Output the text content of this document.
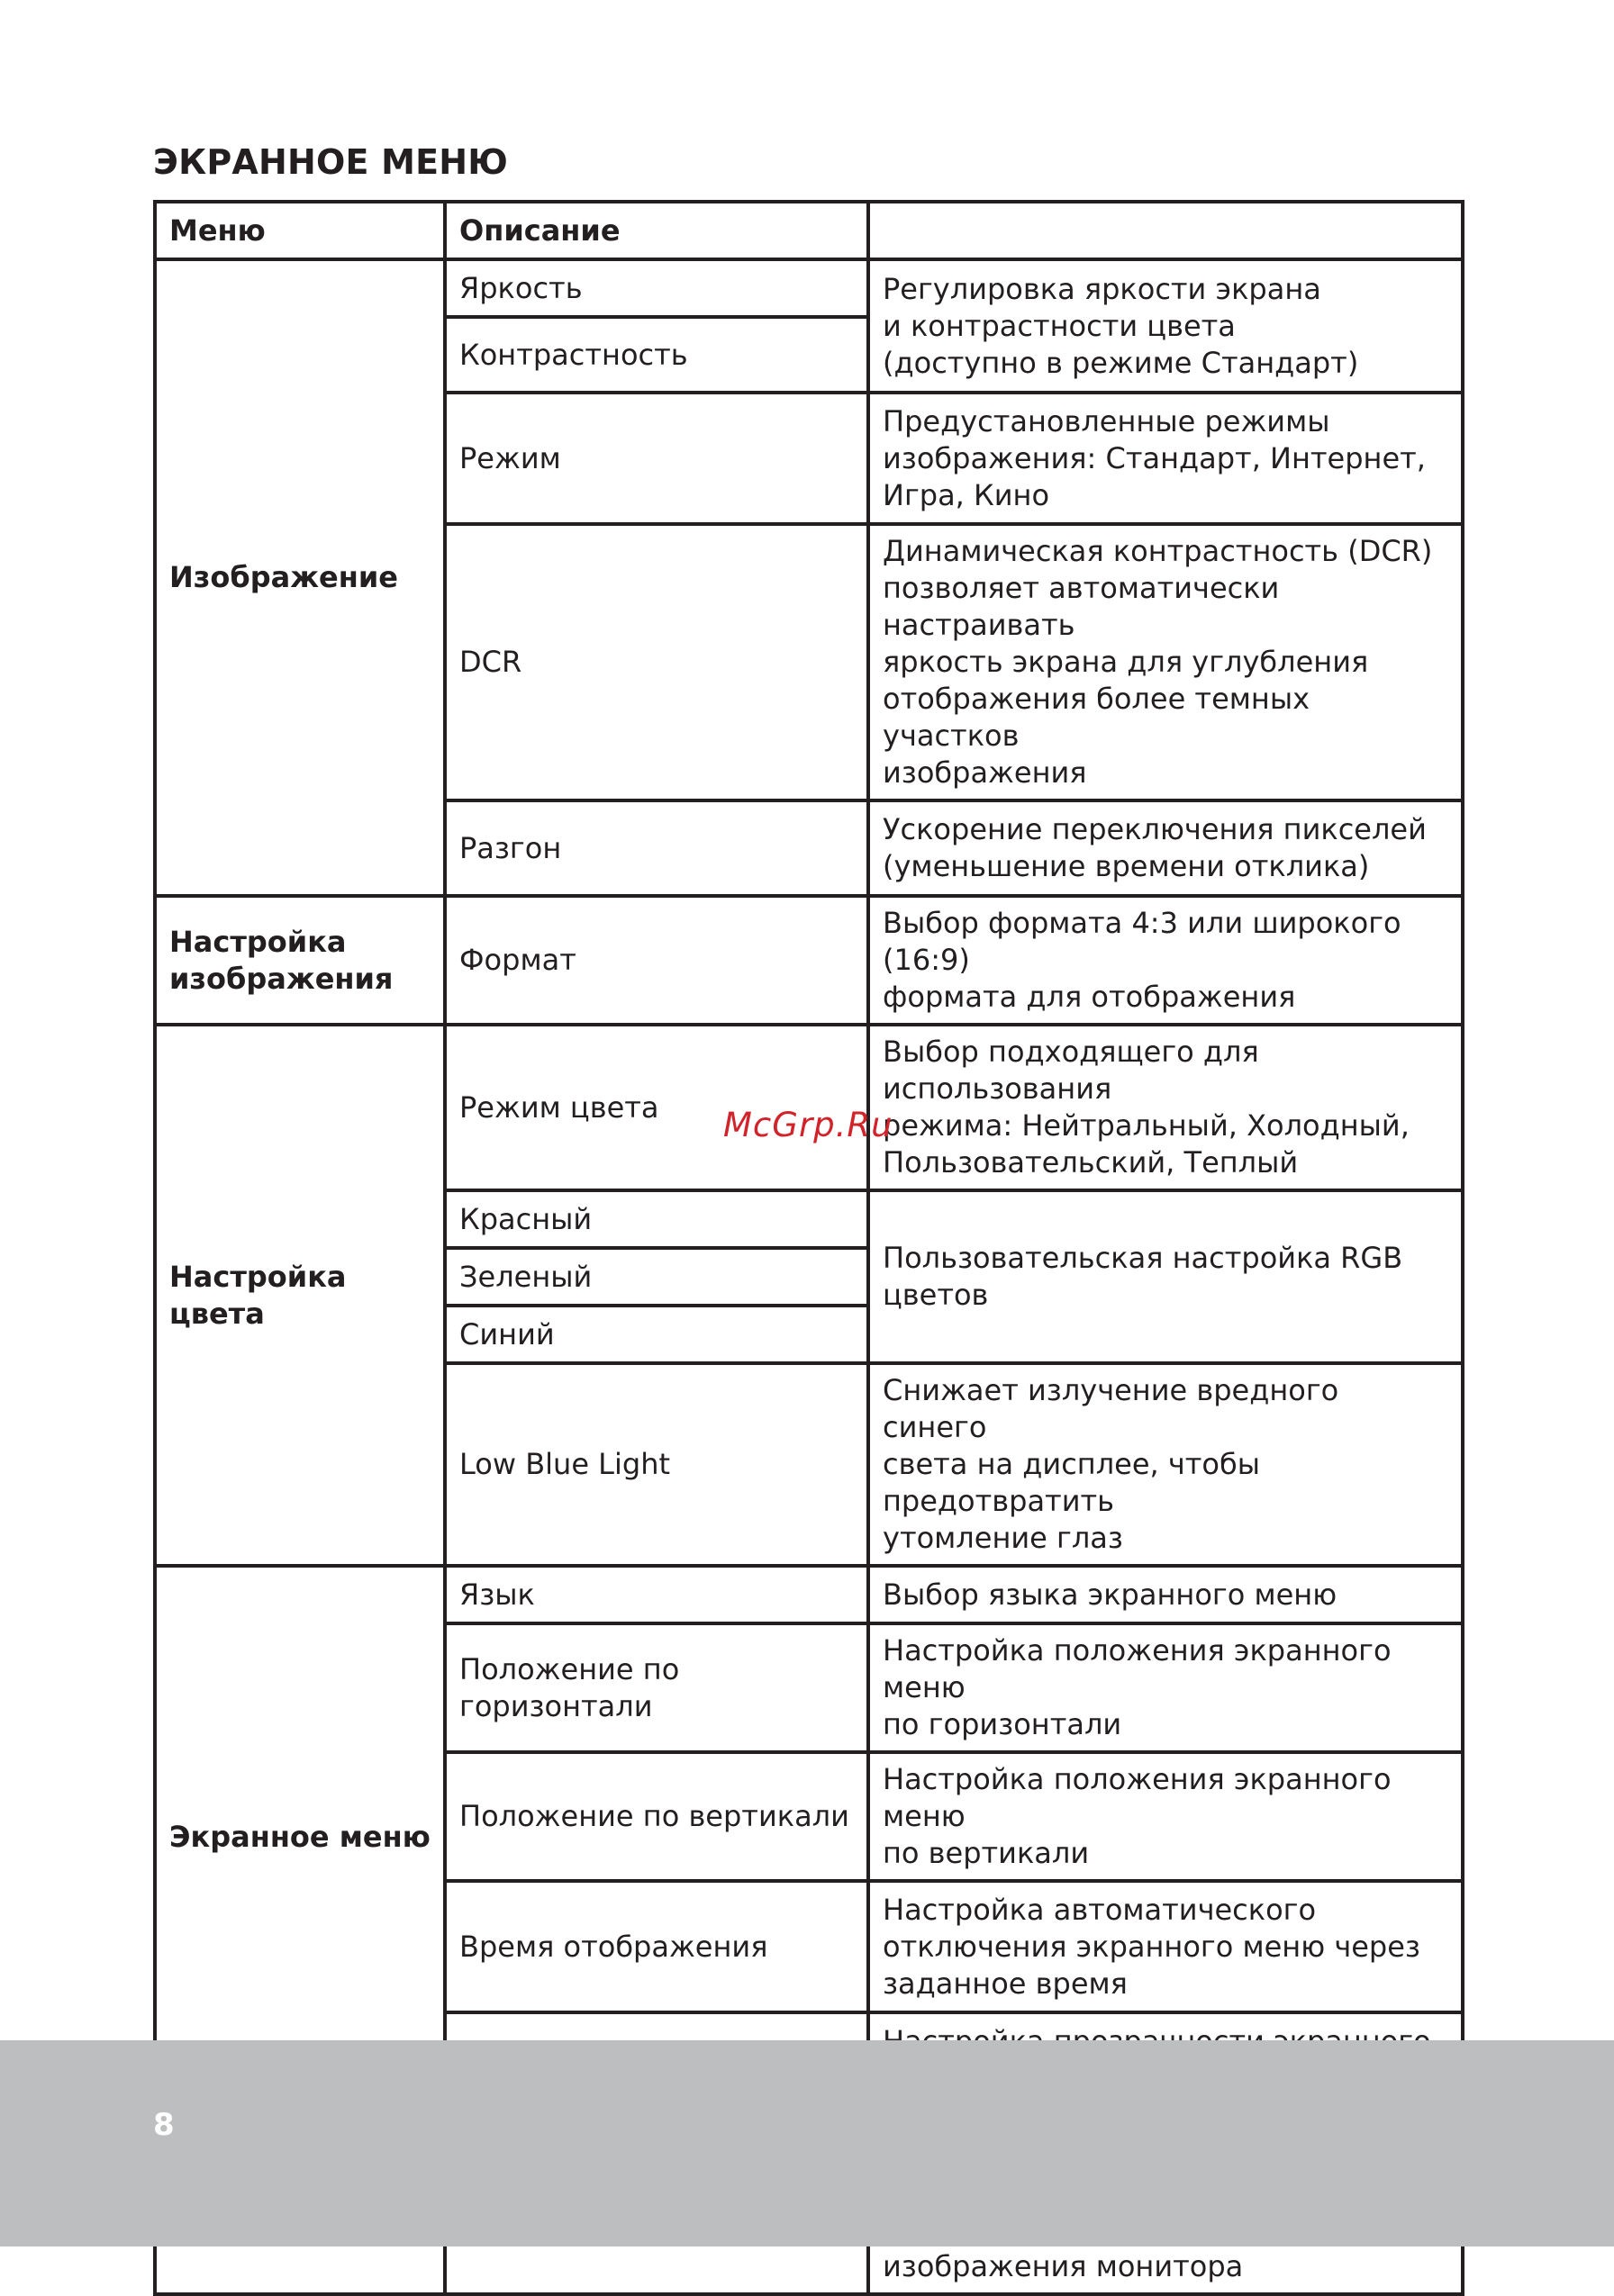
ЭКРАННОЕ МЕНЮ
Меню	Описание	
Изображение	Яркость	Регулировка яркости экрана
и контрастности цвета
(доступно в режиме Стандарт)
	Контрастность	
	Режим	Предустановленные режимы
изображения: Стандарт, Интернет,
Игра, Кино
	DCR	Динамическая контрастность (DCR)
позволяет автоматически настраивать
яркость экрана для углубления
отображения более темных участков
изображения
	Разгон	Ускорение переключения пикселей
(уменьшение времени отклика)
Настройка
изображения	Формат	Выбор формата 4:3 или широкого (16:9)
формата для отображения
Настройка цвета	Режим цвета	Выбор подходящего для использования
режима: Нейтральный, Холодный,
Пользовательский, Теплый
	Красный	Пользовательская настройка RGB
цветов
	Зеленый	
	Синий	
	Low Blue Light	Снижает излучение вредного синего
света на дисплее, чтобы предотвратить
утомление глаз
Экранное меню	Язык	Выбор языка экранного меню
	Положение по горизонтали	Настройка положения экранного меню
по горизонтали
	Положение по вертикали	Настройка положения экранного меню
по вертикали
	Время отображения	Настройка автоматического
отключения экранного меню через
заданное время

изображения монитора
McGrp.Ru
8
